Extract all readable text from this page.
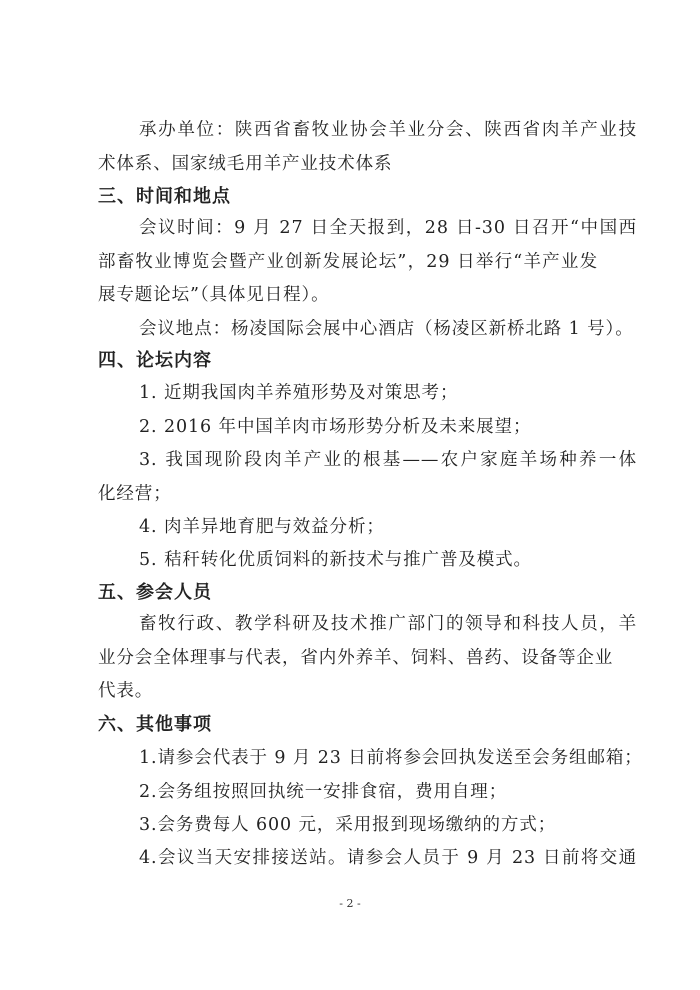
承办单位：陕西省畜牧业协会羊业分会、陕西省肉羊产业技
术体系、国家绒毛用羊产业技术体系
三、时间和地点
会议时间：9 月 27 日全天报到，28 日-30 日召开“中国西
部畜牧业博览会暨产业创新发展论坛”，29 日举行“羊产业发
展专题论坛”（具体见日程）。
会议地点：杨凌国际会展中心酒店（杨凌区新桥北路 1 号）。
四、论坛内容
1. 近期我国肉羊养殖形势及对策思考；
2. 2016 年中国羊肉市场形势分析及未来展望；
3. 我国现阶段肉羊产业的根基——农户家庭羊场种养一体
化经营；
4. 肉羊异地育肥与效益分析；
5. 秸秆转化优质饲料的新技术与推广普及模式。
五、参会人员
畜牧行政、教学科研及技术推广部门的领导和科技人员，羊
业分会全体理事与代表，省内外养羊、饲料、兽药、设备等企业
代表。
六、其他事项
1.请参会代表于 9 月 23 日前将参会回执发送至会务组邮箱；
2.会务组按照回执统一安排食宿，费用自理；
3.会务费每人 600 元，采用报到现场缴纳的方式；
4.会议当天安排接送站。请参会人员于 9 月 23 日前将交通
- 2 -
